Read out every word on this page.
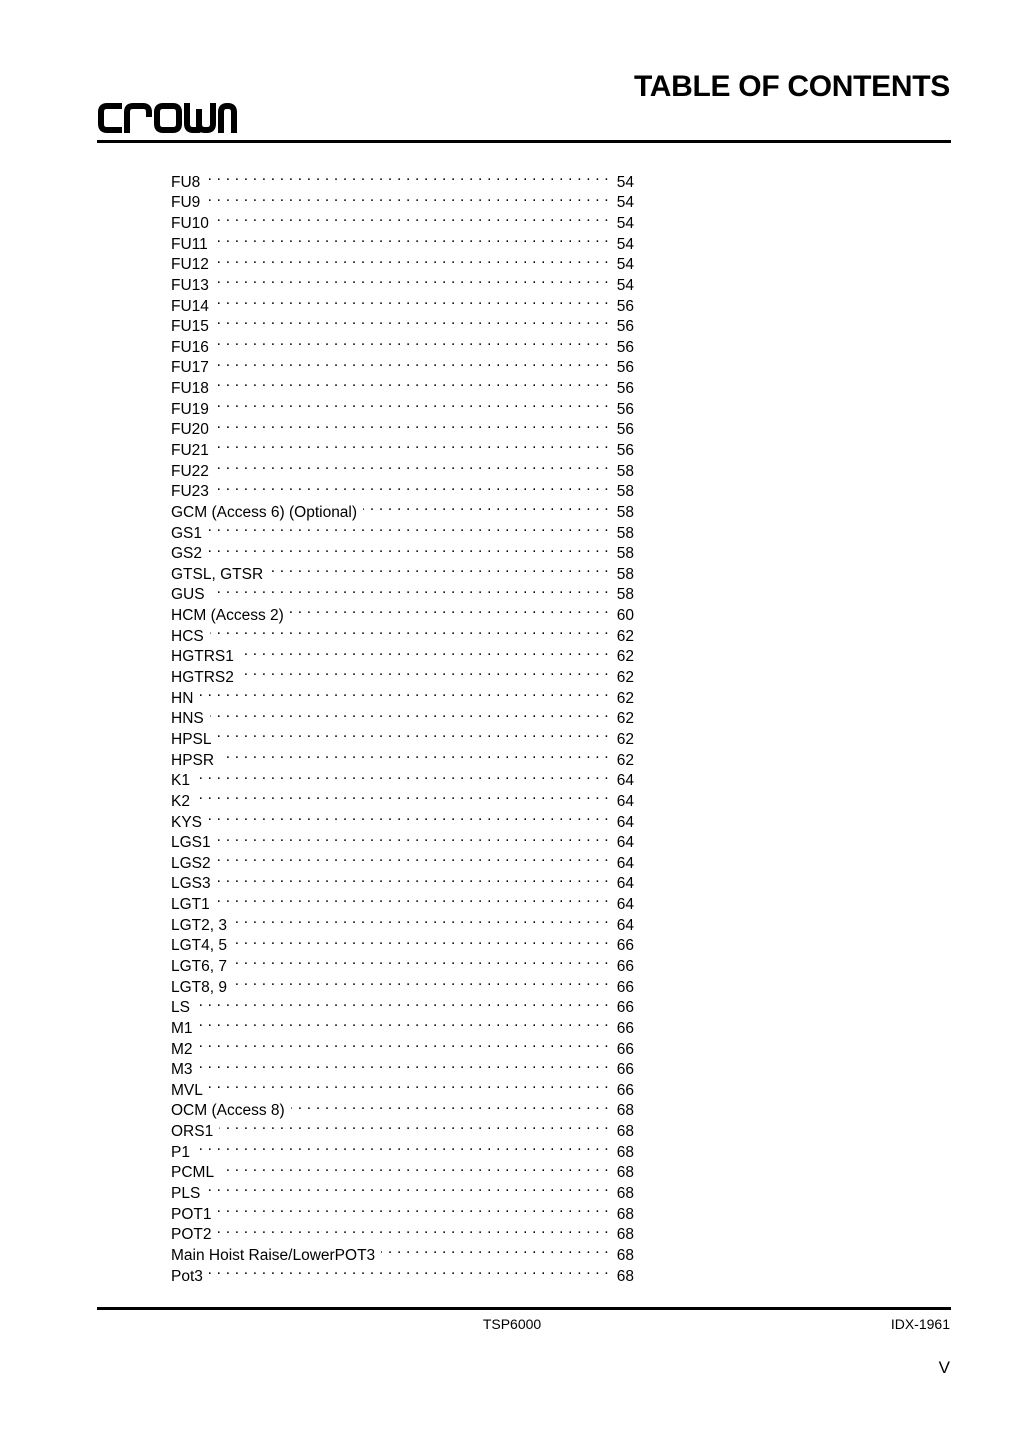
TABLE OF CONTENTS
FU8 . . .	54
FU9 . . .	54
FU10 . . .	54
FU11 . . .	54
FU12 . . .	54
FU13 . . .	54
FU14 . . .	56
FU15 . . .	56
FU16 . . .	56
FU17 . . .	56
FU18 . . .	56
FU19 . . .	56
FU20 . . .	56
FU21 . . .	56
FU22 . . .	58
FU23 . . .	58
GCM (Access 6) (Optional) . . .	58
GS1 . . .	58
GS2 . . .	58
GTSL, GTSR . . .	58
GUS . . .	58
HCM (Access 2) . . .	60
HCS . . .	62
HGTRS1 . . .	62
HGTRS2 . . .	62
HN . . .	62
HNS . . .	62
HPSL . . .	62
HPSR . . .	62
K1 . . .	64
K2 . . .	64
KYS . . .	64
LGS1 . . .	64
LGS2 . . .	64
LGS3 . . .	64
LGT1 . . .	64
LGT2, 3 . . .	64
LGT4, 5 . . .	66
LGT6, 7 . . .	66
LGT8, 9 . . .	66
LS . . .	66
M1 . . .	66
M2 . . .	66
M3 . . .	66
MVL . . .	66
OCM (Access 8) . . .	68
ORS1 . . .	68
P1 . . .	68
PCML . . .	68
PLS . . .	68
POT1 . . .	68
POT2 . . .	68
Main Hoist Raise/LowerPOT3 . . .	68
Pot3 . . .	68
TSP6000	IDX-1961
V
